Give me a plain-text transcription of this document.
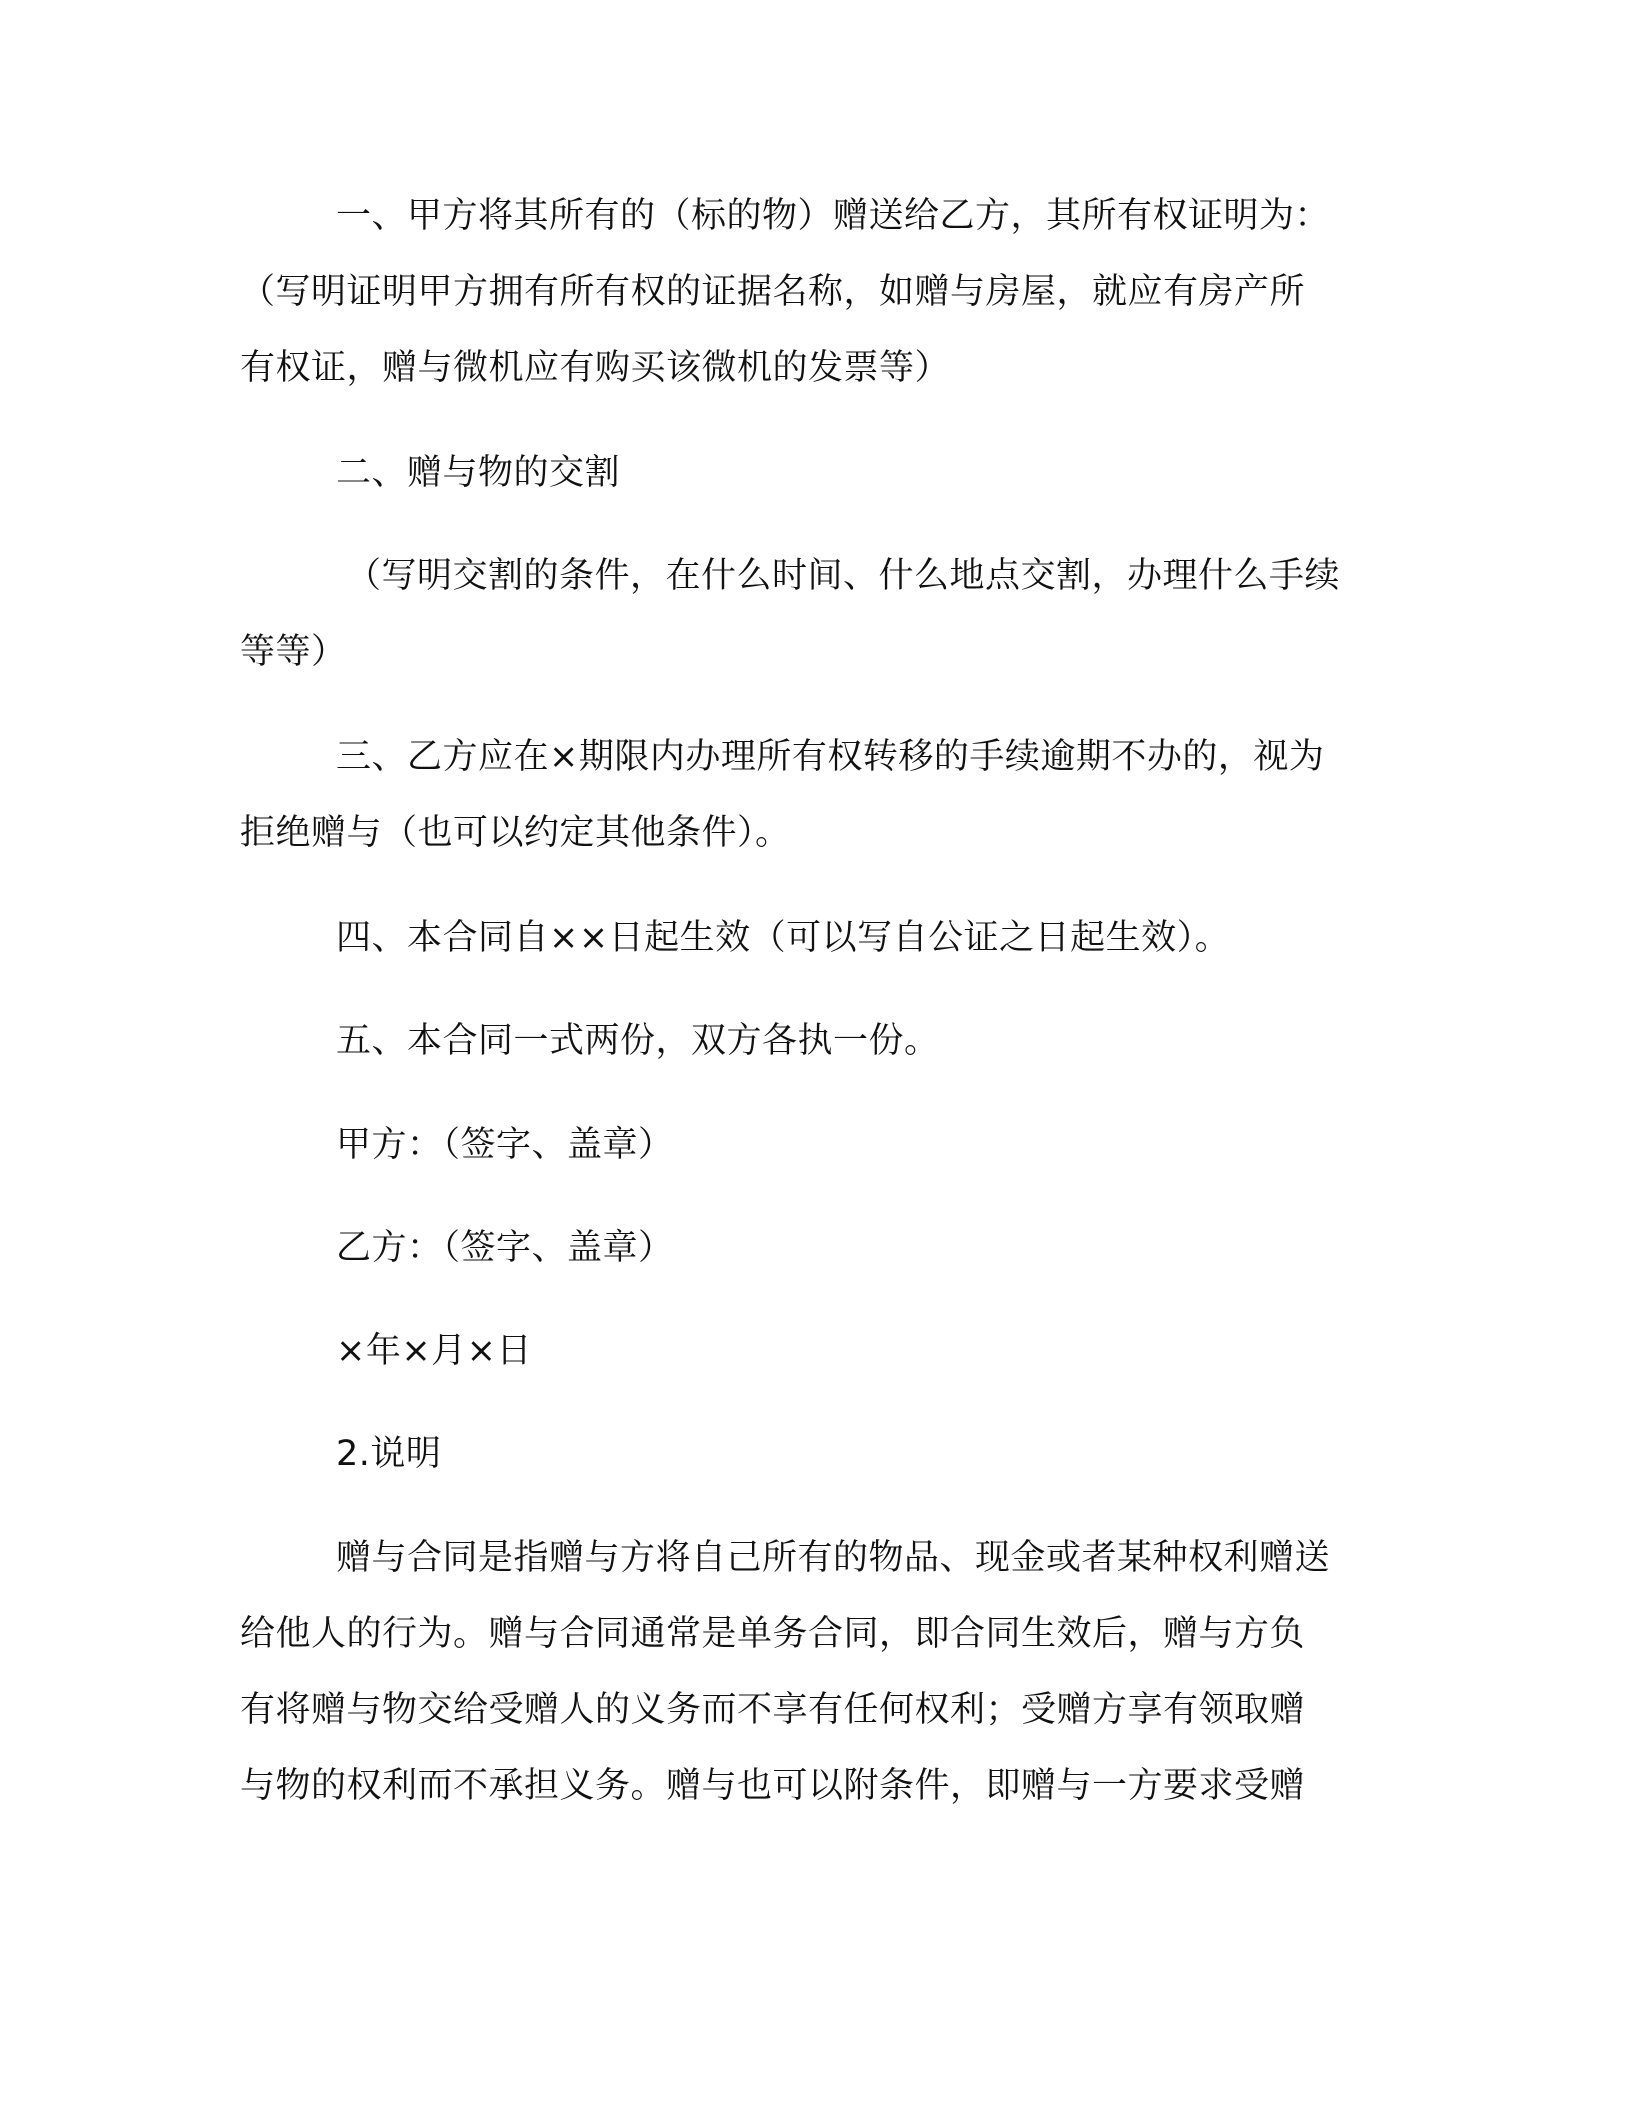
一、甲方将其所有的（标的物）赠送给乙方，其所有权证明为：
（写明证明甲方拥有所有权的证据名称，如赠与房屋，就应有房产所
有权证，赠与微机应有购买该微机的发票等）
二、赠与物的交割
（写明交割的条件，在什么时间、什么地点交割，办理什么手续
等等）
三、乙方应在×期限内办理所有权转移的手续逾期不办的，视为
拒绝赠与（也可以约定其他条件）。
四、本合同自××日起生效（可以写自公证之日起生效）。
五、本合同一式两份，双方各执一份。
甲方：（签字、盖章）
乙方：（签字、盖章）
×年×月×日
2.说明
赠与合同是指赠与方将自己所有的物品、现金或者某种权利赠送
给他人的行为。赠与合同通常是单务合同，即合同生效后，赠与方负
有将赠与物交给受赠人的义务而不享有任何权利；受赠方享有领取赠
与物的权利而不承担义务。赠与也可以附条件，即赠与一方要求受赠
